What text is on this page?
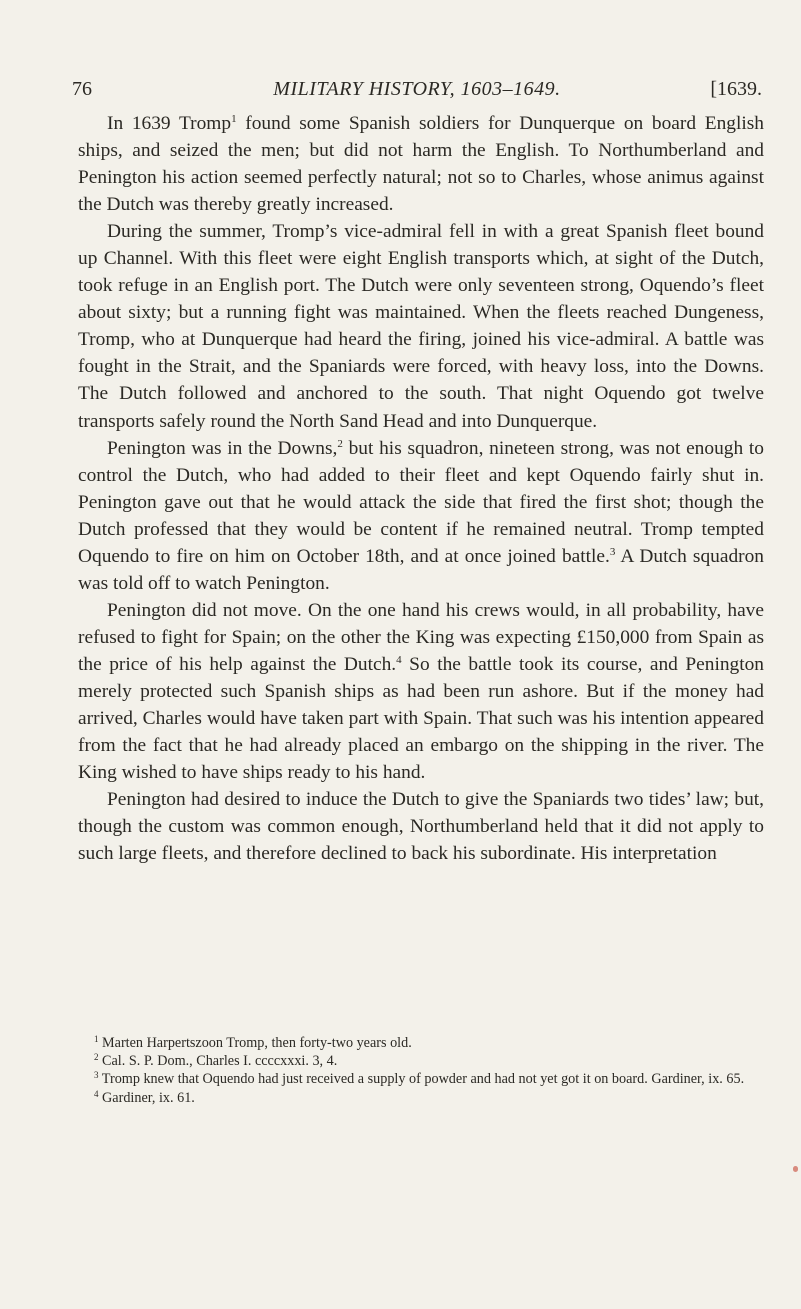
76	MILITARY HISTORY, 1603–1649.	[1639.

In 1639 Tromp$^1$ found some Spanish soldiers for Dunquerque on board English ships, and seized the men; but did not harm the English. To Northumberland and Penington his action seemed perfectly natural; not so to Charles, whose animus against the Dutch was thereby greatly increased.

During the summer, Tromp’s vice-admiral fell in with a great Spanish fleet bound up Channel. With this fleet were eight English transports which, at sight of the Dutch, took refuge in an English port. The Dutch were only seventeen strong, Oquendo’s fleet about sixty; but a running fight was maintained. When the fleets reached Dungeness, Tromp, who at Dunquerque had heard the firing, joined his vice-admiral. A battle was fought in the Strait, and the Spaniards were forced, with heavy loss, into the Downs. The Dutch followed and anchored to the south. That night Oquendo got twelve transports safely round the North Sand Head and into Dunquerque.

Penington was in the Downs,$^2$ but his squadron, nineteen strong, was not enough to control the Dutch, who had added to their fleet and kept Oquendo fairly shut in. Penington gave out that he would attack the side that fired the first shot; though the Dutch professed that they would be content if he remained neutral. Tromp tempted Oquendo to fire on him on October 18th, and at once joined battle.$^3$ A Dutch squadron was told off to watch Penington.

Penington did not move. On the one hand his crews would, in all probability, have refused to fight for Spain; on the other the King was expecting £150,000 from Spain as the price of his help against the Dutch.$^4$ So the battle took its course, and Penington merely protected such Spanish ships as had been run ashore. But if the money had arrived, Charles would have taken part with Spain. That such was his intention appeared from the fact that he had already placed an embargo on the shipping in the river. The King wished to have ships ready to his hand.

Penington had desired to induce the Dutch to give the Spaniards two tides’ law; but, though the custom was common enough, Northumberland held that it did not apply to such large fleets, and therefore declined to back his subordinate. His interpretation

$^1$ Marten Harpertszoon Tromp, then forty-two years old.

$^2$ Cal. S. P. Dom., Charles I. ccccxxxi. 3, 4.

$^3$ Tromp knew that Oquendo had just received a supply of powder and had not yet got it on board. Gardiner, ix. 65.

$^4$ Gardiner, ix. 61.
